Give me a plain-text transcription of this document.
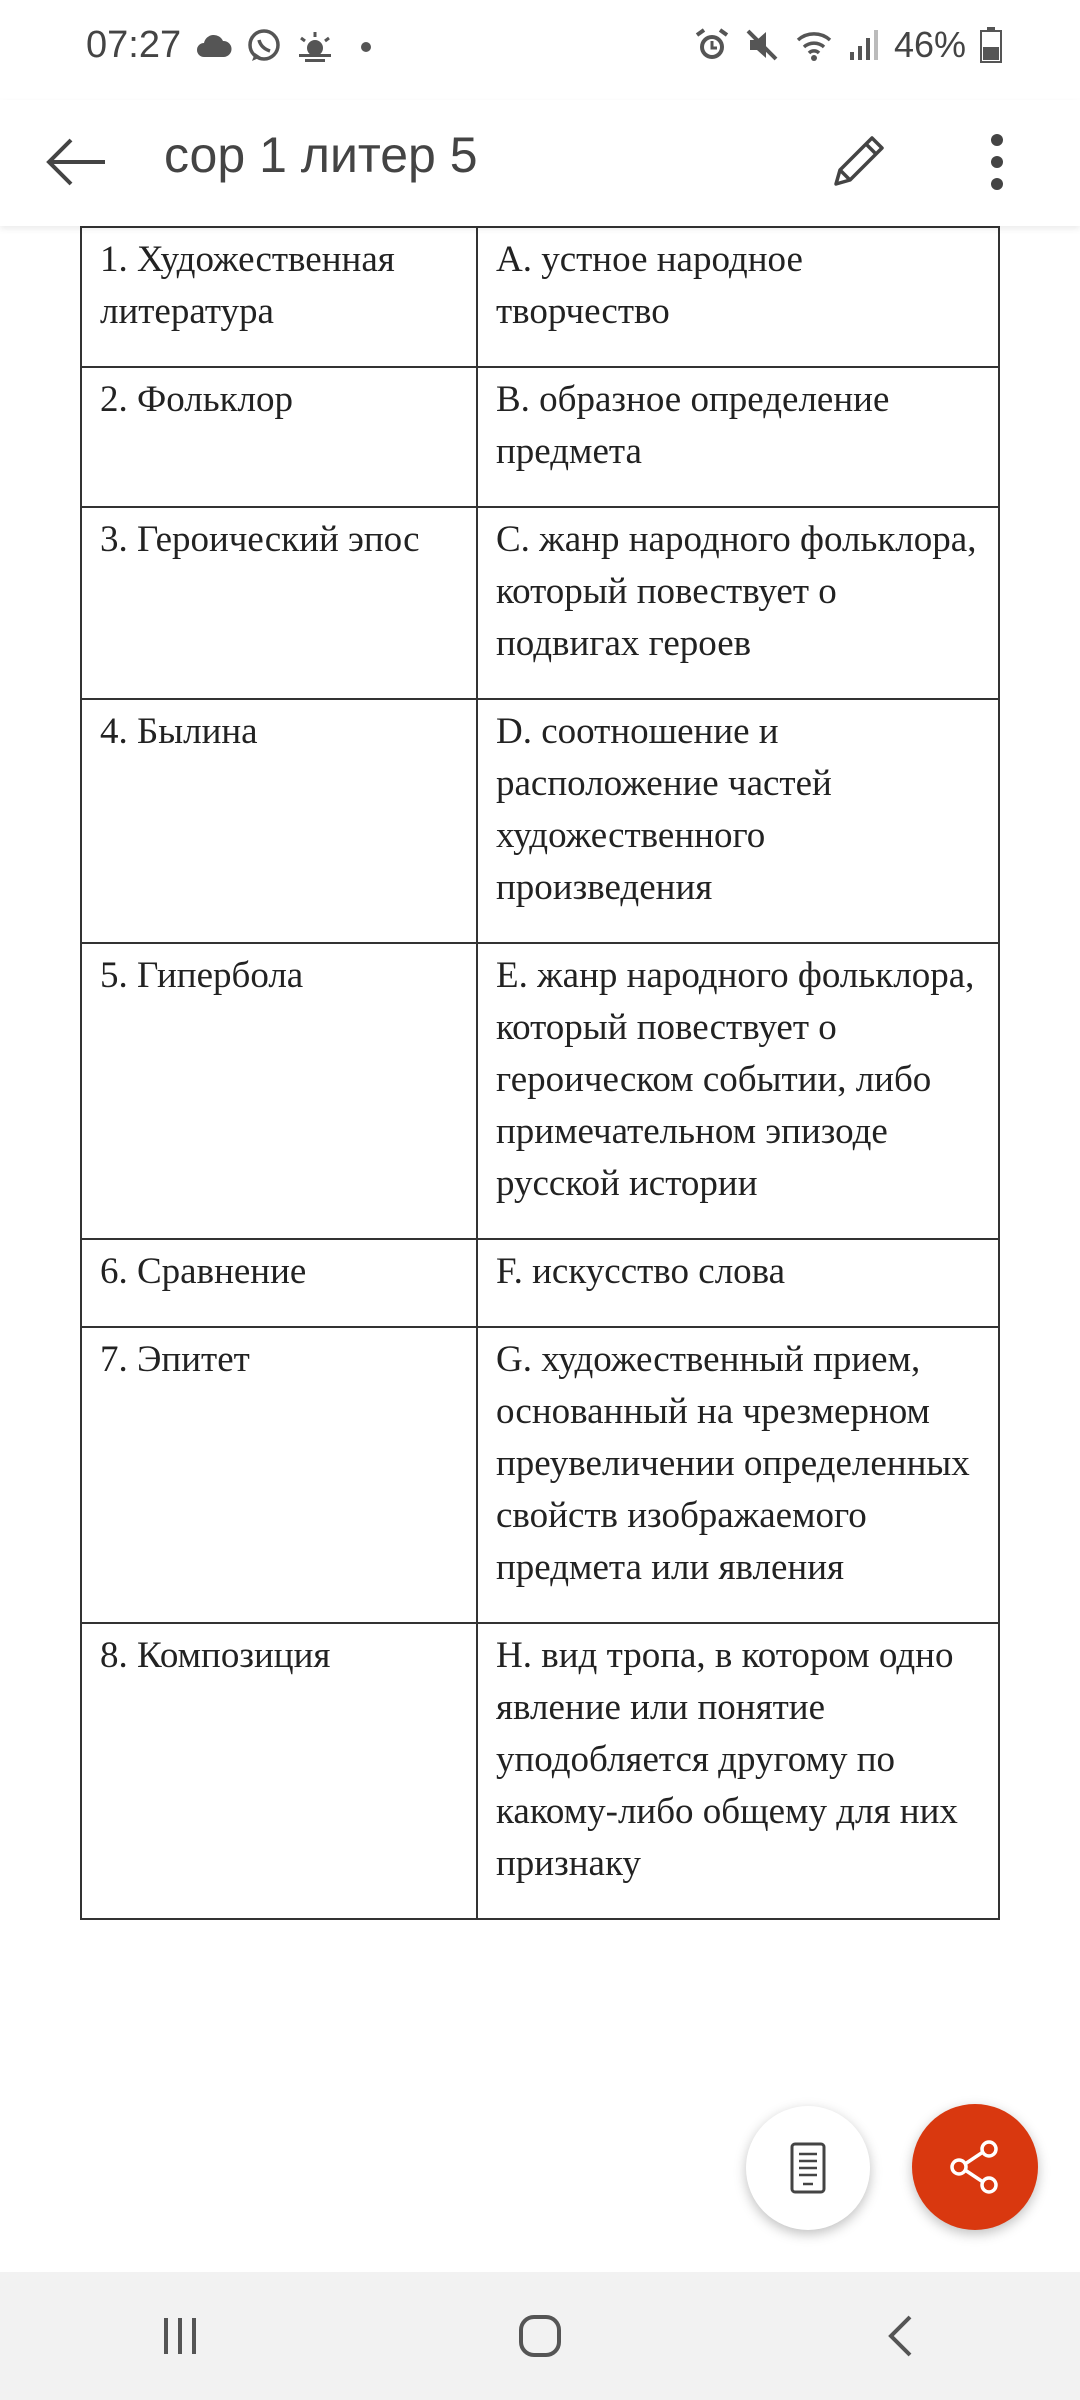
07:27	46%
сор 1 литер 5
1. Художественная литература	A. устное народное творчество
2. Фольклор	B. образное определение предмета
3. Героический эпос	C. жанр народного фольклора, который повествует о подвигах героев
4. Былина	D. соотношение и расположение частей художественного произведения
5. Гипербола	E. жанр народного фольклора, который повествует о героическом событии, либо примечательном эпизоде русской истории
6. Сравнение	F. искусство слова
7. Эпитет	G. художественный прием, основанный на чрезмерном преувеличении определенных свойств изображаемого предмета или явления
8. Композиция	H. вид тропа, в котором одно явление или понятие уподобляется другому по какому-либо общему для них признаку
